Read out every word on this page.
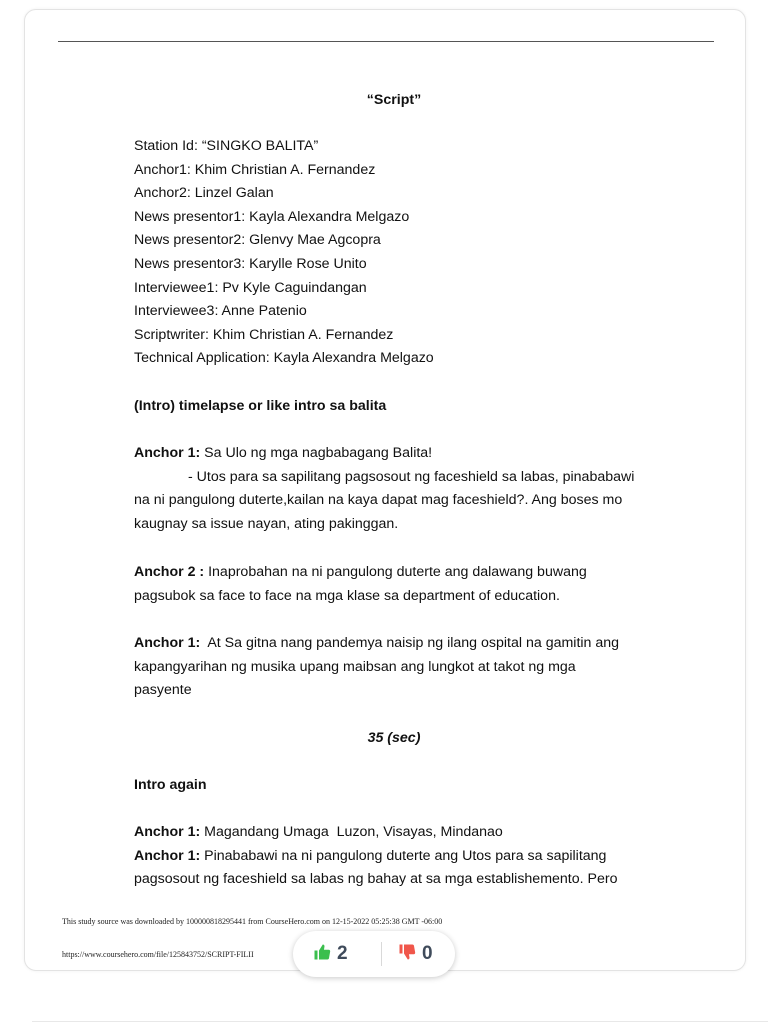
“Script”
Station Id: “SINGKO BALITA”
Anchor1: Khim Christian A. Fernandez
Anchor2: Linzel Galan
News presentor1: Kayla Alexandra Melgazo
News presentor2: Glenvy Mae Agcopra
News presentor3: Karylle Rose Unito
Interviewee1: Pv Kyle Caguindangan
Interviewee3: Anne Patenio
Scriptwriter: Khim Christian A. Fernandez
Technical Application: Kayla Alexandra Melgazo
(Intro) timelapse or like intro sa balita
Anchor 1: Sa Ulo ng mga nagbabagang Balita!
- Utos para sa sapilitang pagsosout ng faceshield sa labas, pinababawi
na ni pangulong duterte,kailan na kaya dapat mag faceshield?. Ang boses mo
kaugnay sa issue nayan, ating pakinggan.
Anchor 2 : Inaprobahan na ni pangulong duterte ang dalawang buwang
pagsubok sa face to face na mga klase sa department of education.
Anchor 1:  At Sa gitna nang pandemya naisip ng ilang ospital na gamitin ang
kapangyarihan ng musika upang maibsan ang lungkot at takot ng mga
pasyente
35 (sec)
Intro again
Anchor 1: Magandang Umaga  Luzon, Visayas, Mindanao
Anchor 1: Pinababawi na ni pangulong duterte ang Utos para sa sapilitang
pagsosout ng faceshield sa labas ng bahay at sa mga establishemento. Pero
This study source was downloaded by 100000818295441 from CourseHero.com on 12-15-2022 05:25:38 GMT -06:00
https://www.coursehero.com/file/125843752/SCRIPT-FILII	2	0
